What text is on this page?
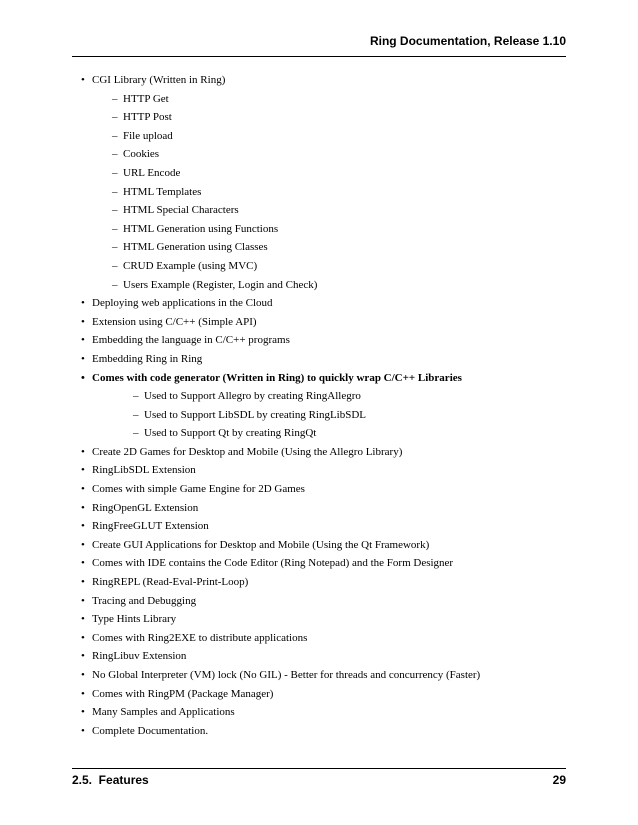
Ring Documentation, Release 1.10
• CGI Library (Written in Ring)
– HTTP Get
– HTTP Post
– File upload
– Cookies
– URL Encode
– HTML Templates
– HTML Special Characters
– HTML Generation using Functions
– HTML Generation using Classes
– CRUD Example (using MVC)
– Users Example (Register, Login and Check)
• Deploying web applications in the Cloud
• Extension using C/C++ (Simple API)
• Embedding the language in C/C++ programs
• Embedding Ring in Ring
• Comes with code generator (Written in Ring) to quickly wrap C/C++ Libraries
– Used to Support Allegro by creating RingAllegro
– Used to Support LibSDL by creating RingLibSDL
– Used to Support Qt by creating RingQt
• Create 2D Games for Desktop and Mobile (Using the Allegro Library)
• RingLibSDL Extension
• Comes with simple Game Engine for 2D Games
• RingOpenGL Extension
• RingFreeGLUT Extension
• Create GUI Applications for Desktop and Mobile (Using the Qt Framework)
• Comes with IDE contains the Code Editor (Ring Notepad) and the Form Designer
• RingREPL (Read-Eval-Print-Loop)
• Tracing and Debugging
• Type Hints Library
• Comes with Ring2EXE to distribute applications
• RingLibuv Extension
• No Global Interpreter (VM) lock (No GIL) - Better for threads and concurrency (Faster)
• Comes with RingPM (Package Manager)
• Many Samples and Applications
• Complete Documentation.
2.5.  Features	29
